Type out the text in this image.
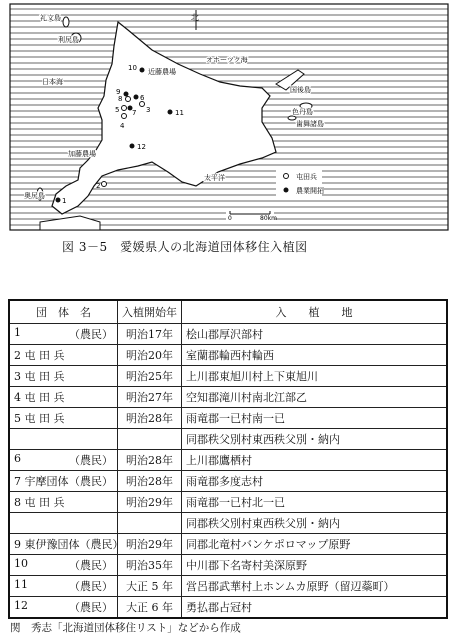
北
礼文島
利尻島
日本海
オホーツク海
近藤農場
加藤農場
奥尻島
太平洋
国後島
色丹島
歯舞諸島
1
2
3
4
5
6
7
8
9
10
11
12
屯田兵
農業開拓
0	80km
図 3－5　愛媛県人の北海道団体移住入植図
団　体　名	入植開始年	入　　植　　地

1 （農民）	明治17年	桧山郡厚沢部村

2 屯 田 兵	明治20年	室蘭郡輪西村輪西

3 屯 田 兵	明治25年	上川郡東旭川村上下東旭川

4 屯 田 兵	明治27年	空知郡滝川村南北江部乙

5 屯 田 兵	明治28年	雨竜郡一已村南一已

		同郡秩父別村東西秩父別・納内

6 （農民）	明治28年	上川郡鷹栖村

7 宇摩団体 （農民）	明治28年	雨竜郡多度志村

8 屯 田 兵	明治29年	雨竜郡一已村北一已

		同郡秩父別村東西秩父別・納内

9 東伊豫団体 （農民）	明治29年	同郡北竜村バンケポロマップ原野

10 （農民）	明治35年	中川郡下名寄村美深原野

11 （農民）	大正 5 年	営呂郡武華村上ホンムカ原野（留辺蘂町）

12 （農民）	大正 6 年	勇払郡占冠村
関　秀志「北海道団体移住リスト」などから作成
